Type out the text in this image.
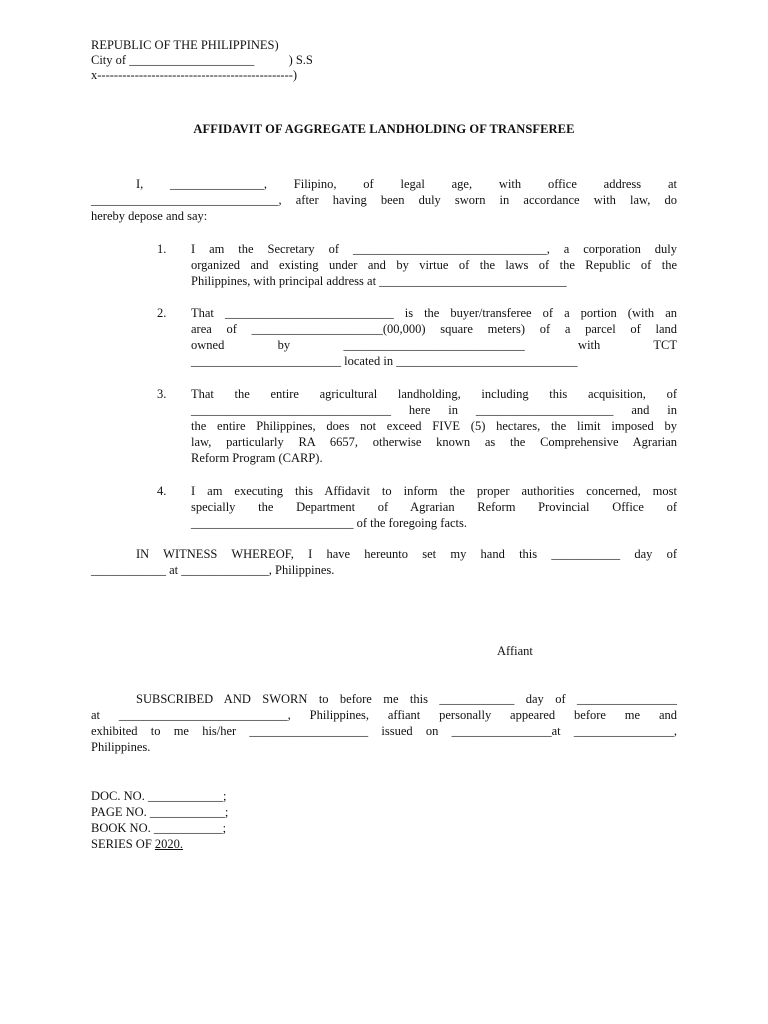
REPUBLIC OF THE PHILIPPINES)
City of ____________________           ) S.S
x-----------------------------------------------)
AFFIDAVIT OF AGGREGATE LANDHOLDING OF TRANSFEREE
I, _______________, Filipino, of legal age, with office address at
______________________________, after having been duly sworn in accordance with law, do
hereby depose and say:
1. I am the Secretary of _______________________________, a corporation duly
organized and existing under and by virtue of the laws of the Republic of the
Philippines, with principal address at ______________________________
2. That ___________________________ is the buyer/transferee of a portion (with an
area of _____________________(00,000) square meters) of a parcel of land
owned by _____________________________ with TCT
________________________ located in _____________________________
3. That the entire agricultural landholding, including this acquisition, of
________________________________ here in ______________________ and in
the entire Philippines, does not exceed FIVE (5) hectares, the limit imposed by
law, particularly RA 6657, otherwise known as the Comprehensive Agrarian
Reform Program (CARP).
4. I am executing this Affidavit to inform the proper authorities concerned, most
specially the Department of Agrarian Reform Provincial Office of
__________________________ of the foregoing facts.
IN WITNESS WHEREOF, I have hereunto set my hand this ___________ day of
____________ at ______________, Philippines.
Affiant
SUBSCRIBED AND SWORN to before me this ____________ day of ________________
at ___________________________, Philippines, affiant personally appeared before me and
exhibited to me his/her ___________________ issued on ________________at ________________,
Philippines.
DOC. NO. ____________;
PAGE NO. ____________;
BOOK NO. ___________;
SERIES OF 2020.
